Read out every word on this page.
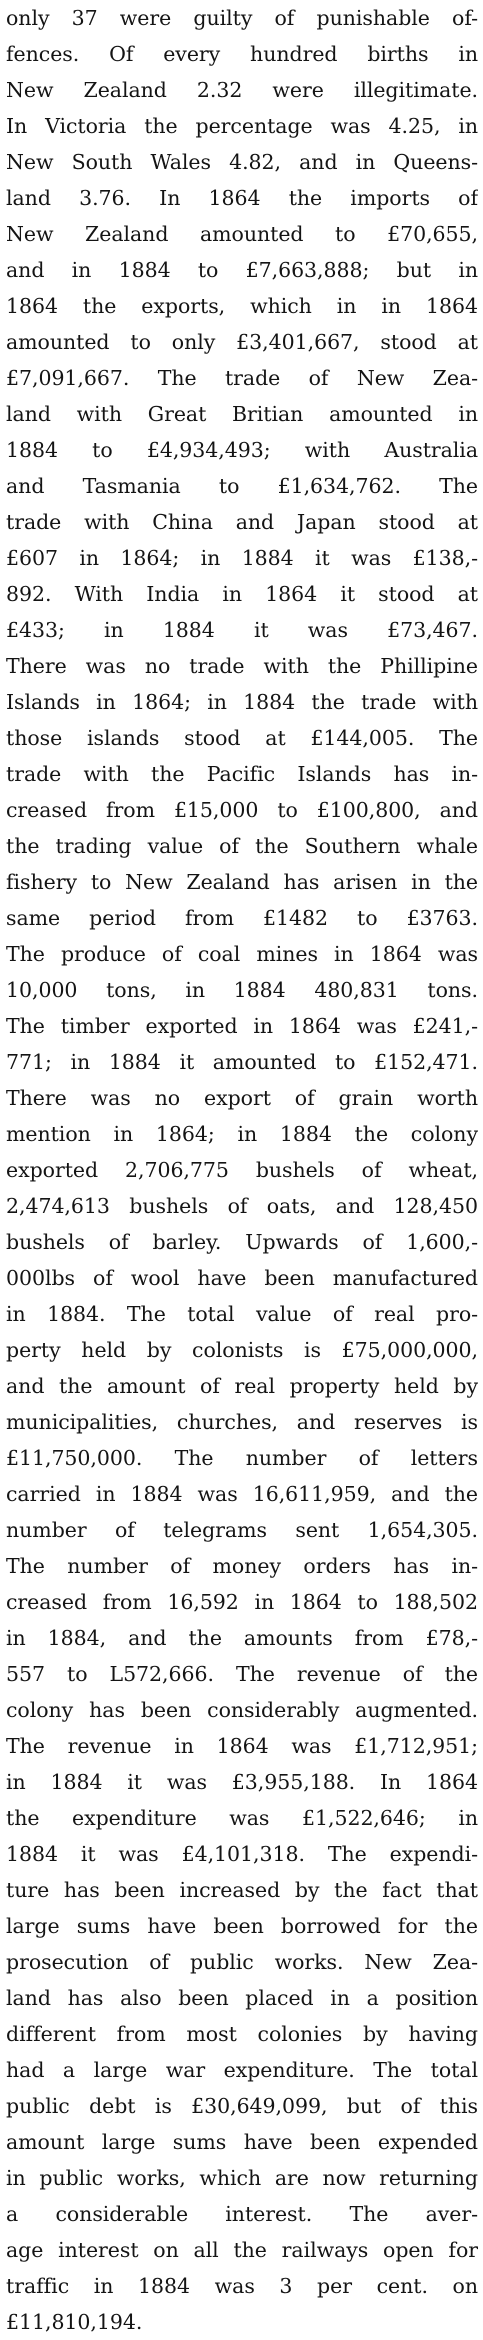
only 37 were guilty of punishable of-
fences. Of every hundred births in
New Zealand 2.32 were illegitimate.
In Victoria the percentage was 4.25, in
New South Wales 4.82, and in Queens-
land 3.76. In 1864 the imports of
New Zealand amounted to £70,655,
and in 1884 to £7,663,888; but in
1864 the exports, which in in 1864
amounted to only £3,401,667, stood at
£7,091,667. The trade of New Zea-
land with Great Britian amounted in
1884 to £4,934,493; with Australia
and Tasmania to £1,634,762. The
trade with China and Japan stood at
£607 in 1864; in 1884 it was £138,-
892. With India in 1864 it stood at
£433; in 1884 it was £73,467.
There was no trade with the Phillipine
Islands in 1864; in 1884 the trade with
those islands stood at £144,005. The
trade with the Pacific Islands has in-
creased from £15,000 to £100,800, and
the trading value of the Southern whale
fishery to New Zealand has arisen in the
same period from £1482 to £3763.
The produce of coal mines in 1864 was
10,000 tons, in 1884 480,831 tons.
The timber exported in 1864 was £241,-
771; in 1884 it amounted to £152,471.
There was no export of grain worth
mention in 1864; in 1884 the colony
exported 2,706,775 bushels of wheat,
2,474,613 bushels of oats, and 128,450
bushels of barley. Upwards of 1,600,-
000lbs of wool have been manufactured
in 1884. The total value of real pro-
perty held by colonists is £75,000,000,
and the amount of real property held by
municipalities, churches, and reserves is
£11,750,000. The number of letters
carried in 1884 was 16,611,959, and the
number of telegrams sent 1,654,305.
The number of money orders has in-
creased from 16,592 in 1864 to 188,502
in 1884, and the amounts from £78,-
557 to L572,666. The revenue of the
colony has been considerably augmented.
The revenue in 1864 was £1,712,951;
in 1884 it was £3,955,188. In 1864
the expenditure was £1,522,646; in
1884 it was £4,101,318. The expendi-
ture has been increased by the fact that
large sums have been borrowed for the
prosecution of public works. New Zea-
land has also been placed in a position
different from most colonies by having
had a large war expenditure. The total
public debt is £30,649,099, but of this
amount large sums have been expended
in public works, which are now returning
a considerable interest. The aver-
age interest on all the railways open for
traffic in 1884 was 3 per cent. on
£11,810,194.
